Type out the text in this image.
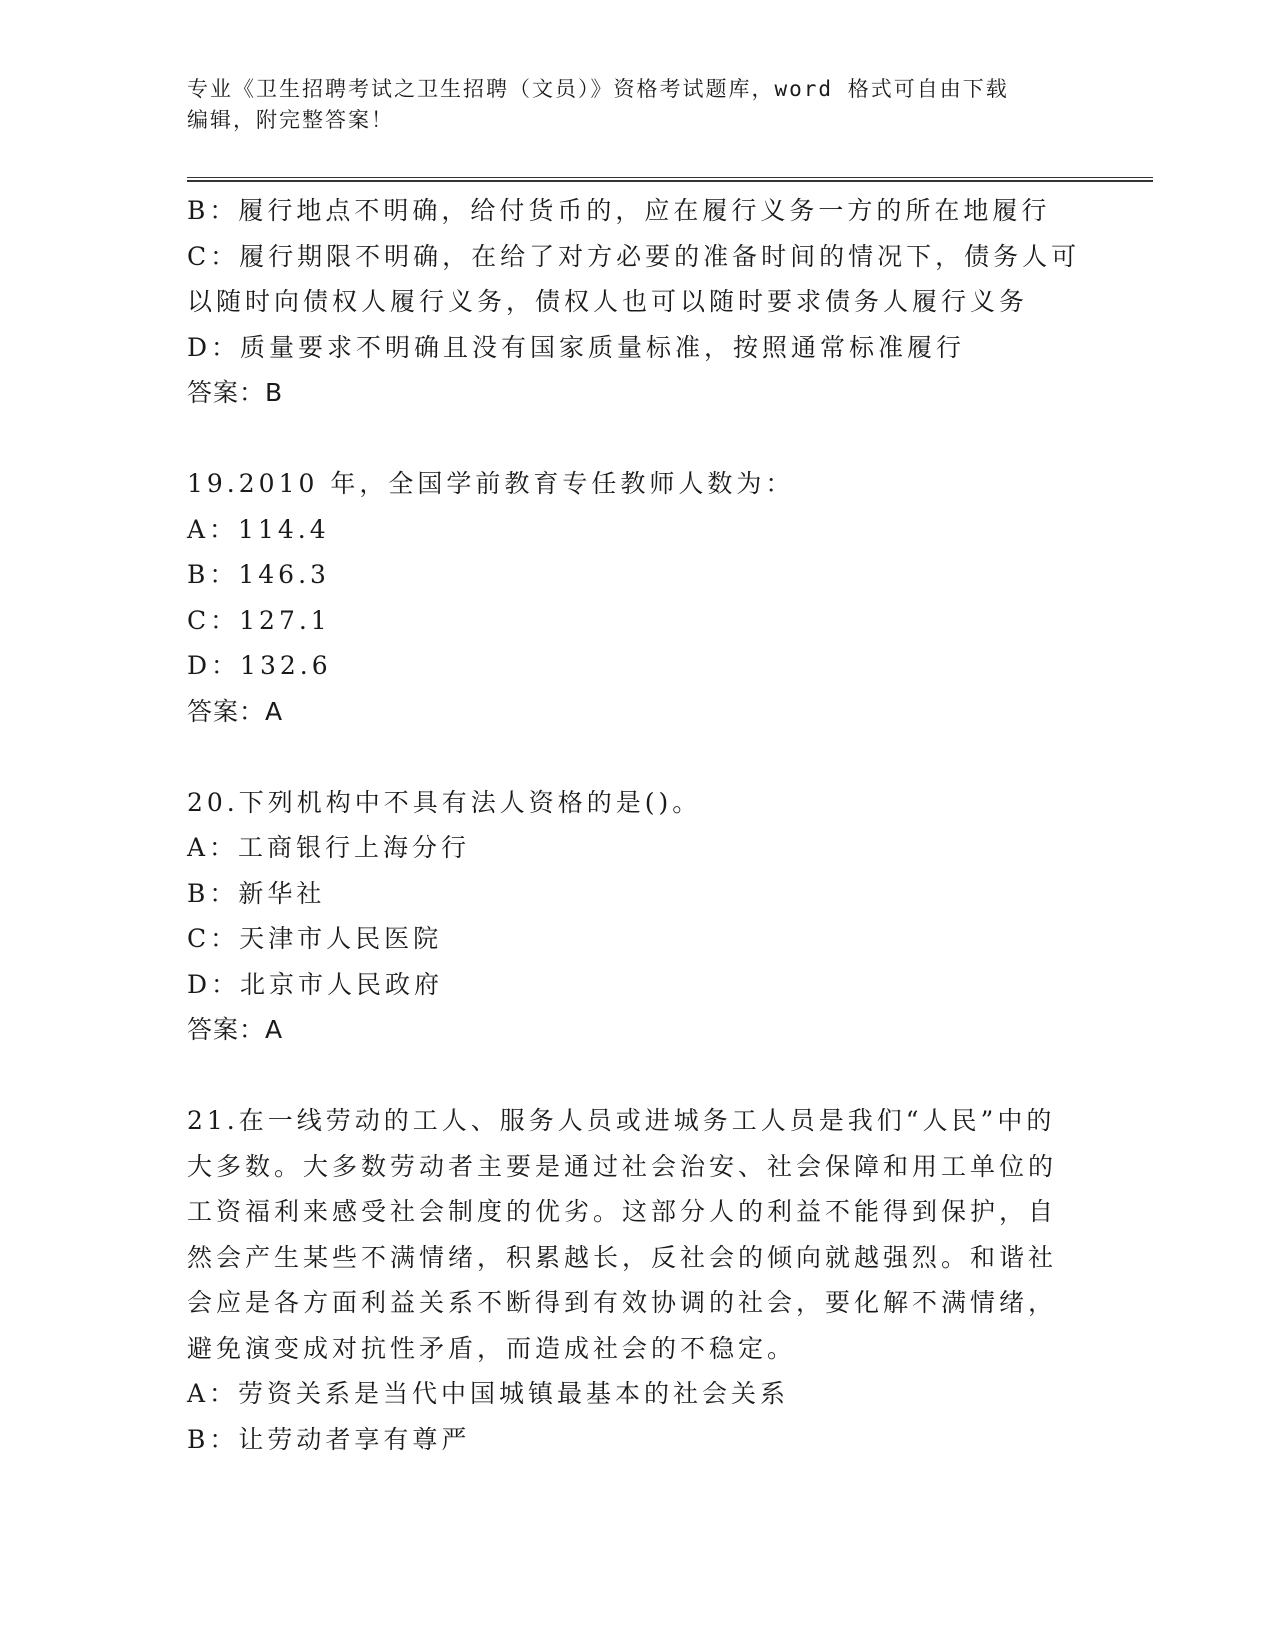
专业《卫生招聘考试之卫生招聘（文员）》资格考试题库，word 格式可自由下载
编辑，附完整答案！

B：履行地点不明确，给付货币的，应在履行义务一方的所在地履行

C：履行期限不明确，在给了对方必要的准备时间的情况下，债务人可

以随时向债权人履行义务，债权人也可以随时要求债务人履行义务

D：质量要求不明确且没有国家质量标准，按照通常标准履行

答案：B

19.2010 年，全国学前教育专任教师人数为：

A：114.4

B：146.3

C：127.1

D：132.6

答案：A

20.下列机构中不具有法人资格的是()。

A：工商银行上海分行

B：新华社

C：天津市人民医院

D：北京市人民政府

答案：A

21.在一线劳动的工人、服务人员或进城务工人员是我们“人民”中的

大多数。大多数劳动者主要是通过社会治安、社会保障和用工单位的

工资福利来感受社会制度的优劣。这部分人的利益不能得到保护，自

然会产生某些不满情绪，积累越长，反社会的倾向就越强烈。和谐社

会应是各方面利益关系不断得到有效协调的社会，要化解不满情绪，

避免演变成对抗性矛盾，而造成社会的不稳定。

A：劳资关系是当代中国城镇最基本的社会关系

B：让劳动者享有尊严
